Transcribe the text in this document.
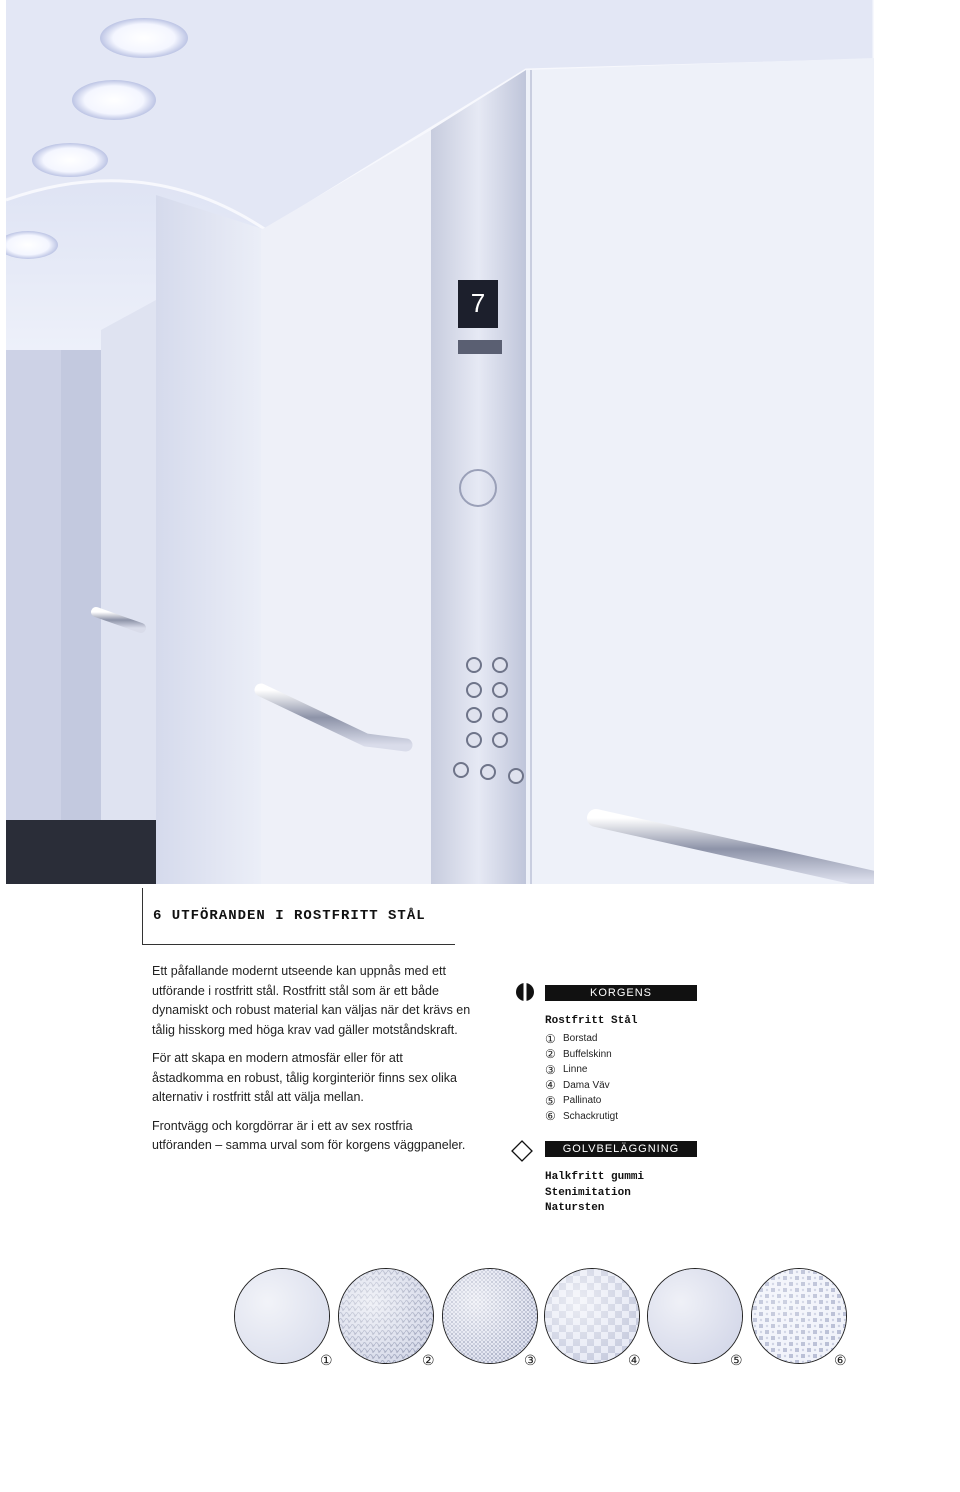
7
6 UTFÖRANDEN I ROSTFRITT STÅL

Ett påfallande modernt utseende kan uppnås med ett utförande i rostfritt stål. Rostfritt stål som är ett både dynamiskt och robust material kan väljas när det krävs en tålig hisskorg med höga krav vad gäller motståndskraft.

För att skapa en modern atmosfär eller för att åstadkomma en robust, tålig korginteriör finns sex olika alternativ i rostfritt stål att välja mellan.

Frontvägg och korgdörrar är i ett av sex rostfria utföranden – samma urval som för korgens väggpaneler.

KORGENS VÄGGPANELER
Rostfritt Stål
① Borstad
② Buffelskinn
③ Linne
④ Dama Väv
⑤ Pallinato
⑥ Schackrutigt
GOLVBELÄGGNING
Halkfritt gummi
Stenimitation
Natursten
①	②	③	④	⑤	⑥
